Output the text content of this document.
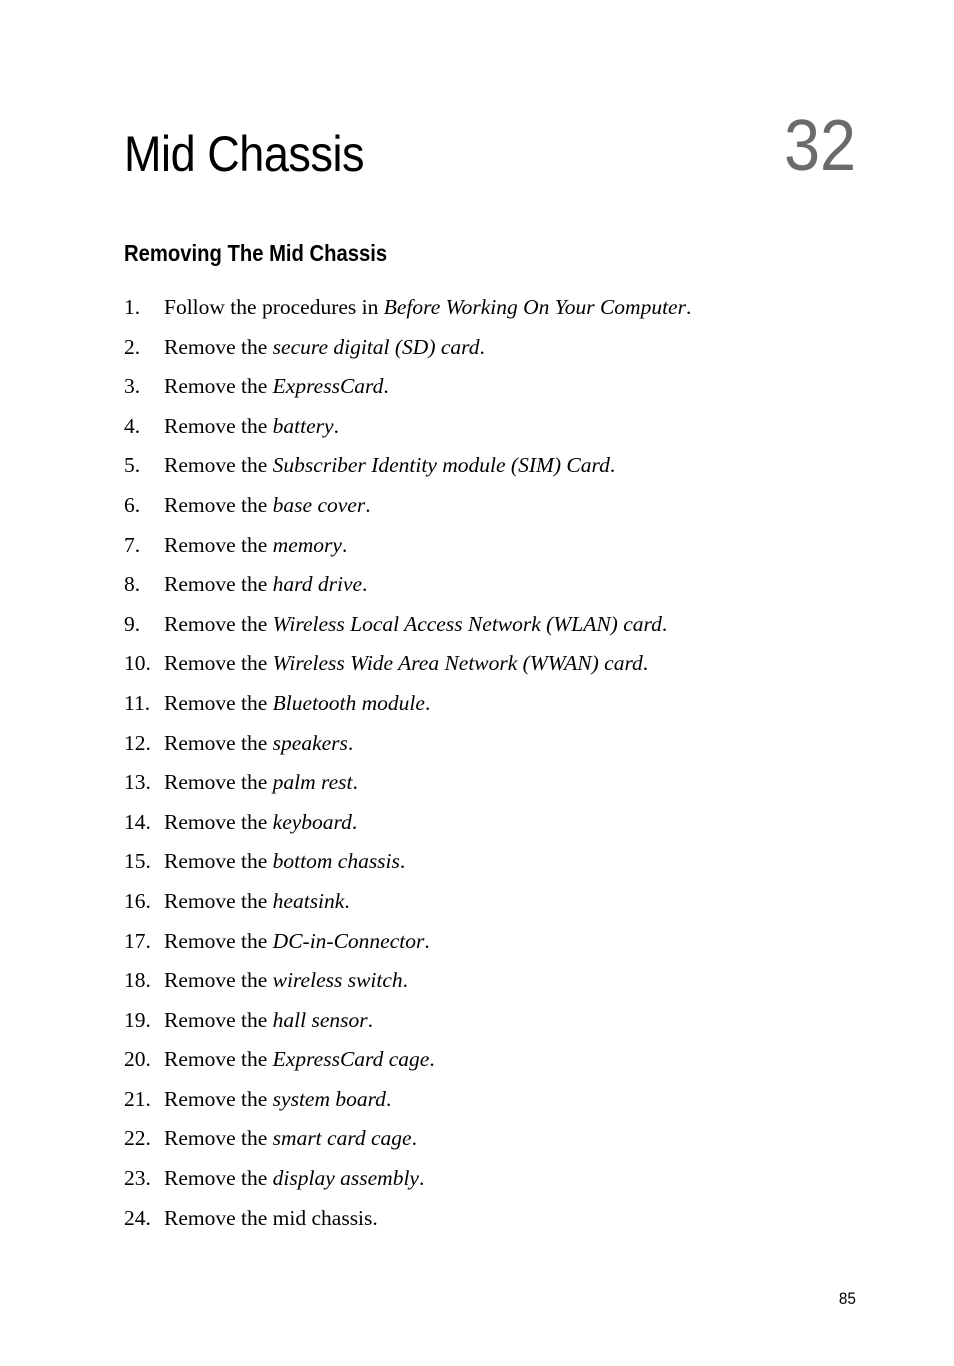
Mid Chassis	32
Removing The Mid Chassis
1. Follow the procedures in Before Working On Your Computer.
2. Remove the secure digital (SD) card.
3. Remove the ExpressCard.
4. Remove the battery.
5. Remove the Subscriber Identity module (SIM) Card.
6. Remove the base cover.
7. Remove the memory.
8. Remove the hard drive.
9. Remove the Wireless Local Access Network (WLAN) card.
10. Remove the Wireless Wide Area Network (WWAN) card.
11. Remove the Bluetooth module.
12. Remove the speakers.
13. Remove the palm rest.
14. Remove the keyboard.
15. Remove the bottom chassis.
16. Remove the heatsink.
17. Remove the DC-in-Connector.
18. Remove the wireless switch.
19. Remove the hall sensor.
20. Remove the ExpressCard cage.
21. Remove the system board.
22. Remove the smart card cage.
23. Remove the display assembly.
24. Remove the mid chassis.
85
